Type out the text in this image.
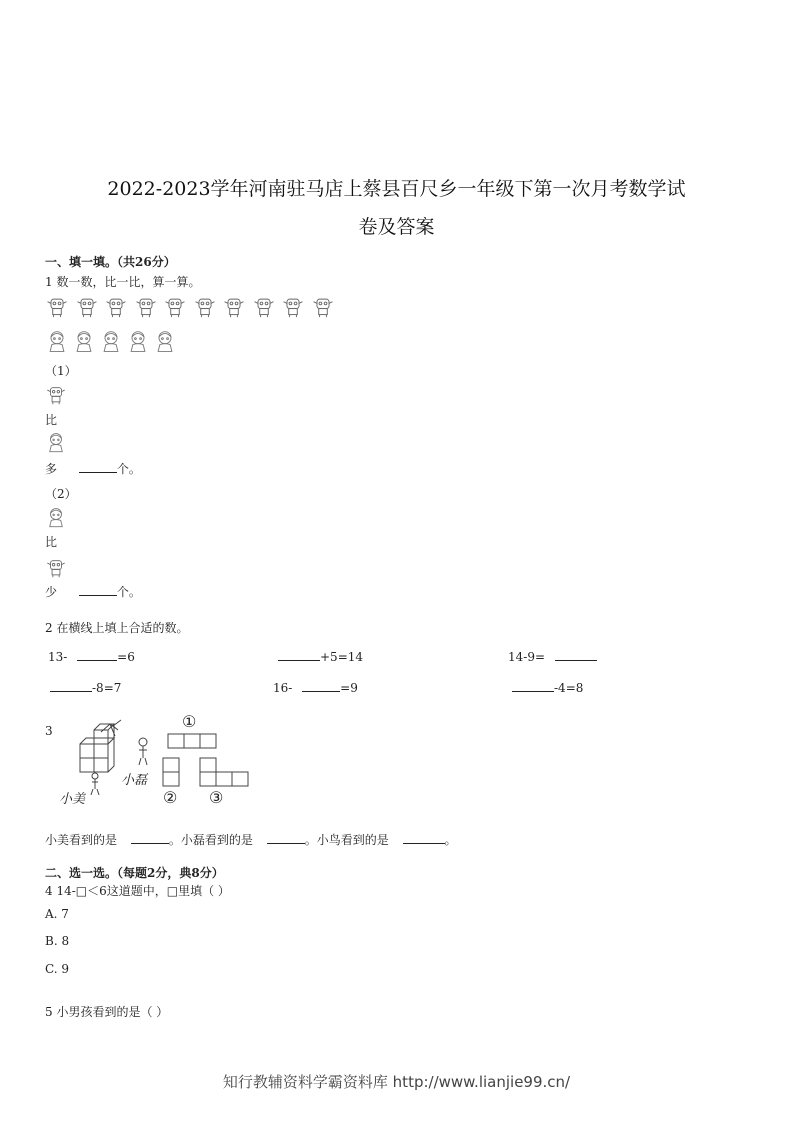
2022-2023学年河南驻马店上蔡县百尺乡一年级下第一次月考数学试
卷及答案
一、填一填。（共26分）
1 数一数，比一比，算一算。
（1）
比
多	个。
（2）
比
少	个。
2 在横线上填上合适的数。
13-	=6	+5=14	14-9=
-8=7	16-	=9	-4=8
3	①
② ③
小美
小磊
小美看到的是	。小磊看到的是	。小鸟看到的是	。
二、选一选。（每题2分，典8分）
4 14-□＜6这道题中，□里填（ ）
A. 7
B. 8
C. 9
5 小男孩看到的是（ ）
知行教辅资料学霸资料库 http://www.lianjie99.cn/
